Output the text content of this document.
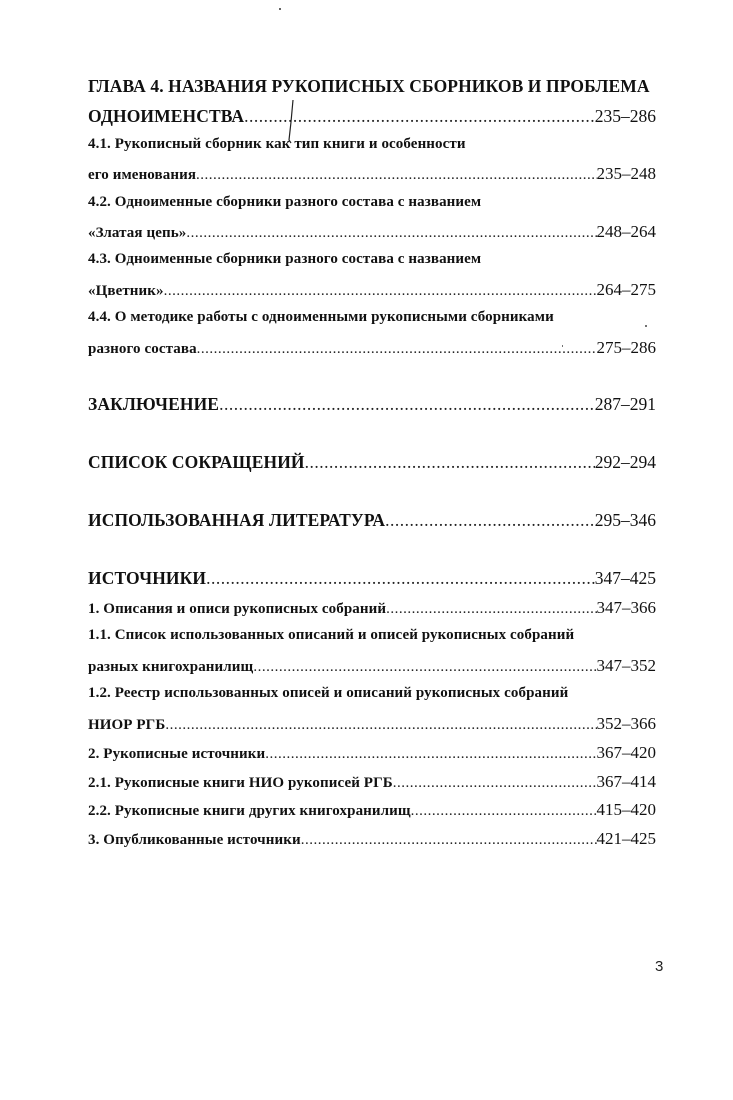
ГЛАВА 4. НАЗВАНИЯ РУКОПИСНЫХ СБОРНИКОВ И ПРОБЛЕМА
ОДНОИМЕНСТВА .....	235–286
4.1. Рукописный сборник как тип книги и особенности
его именования .....	235–248
4.2. Одноименные сборники разного состава с названием
«Златая цепь» .....	248–264
4.3. Одноименные сборники разного состава с названием
«Цветник» .....	264–275
4.4. О методике работы с одноименными рукописными сборниками
разного состава .....	275–286
ЗАКЛЮЧЕНИЕ .....	287–291
СПИСОК СОКРАЩЕНИЙ .....	292–294
ИСПОЛЬЗОВАННАЯ ЛИТЕРАТУРА .....	295–346
ИСТОЧНИКИ .....	347–425
1. Описания и описи рукописных собраний .....	347–366
1.1. Список использованных описаний и описей рукописных собраний
разных книгохранилищ .....	347–352
1.2. Реестр использованных описей и описаний рукописных собраний
НИОР РГБ .....	352–366
2. Рукописные источники .....	367–420
2.1. Рукописные книги НИО рукописей РГБ .....	367–414
2.2. Рукописные книги других книгохранилищ .....	415–420
3. Опубликованные источники .....	421–425
3
